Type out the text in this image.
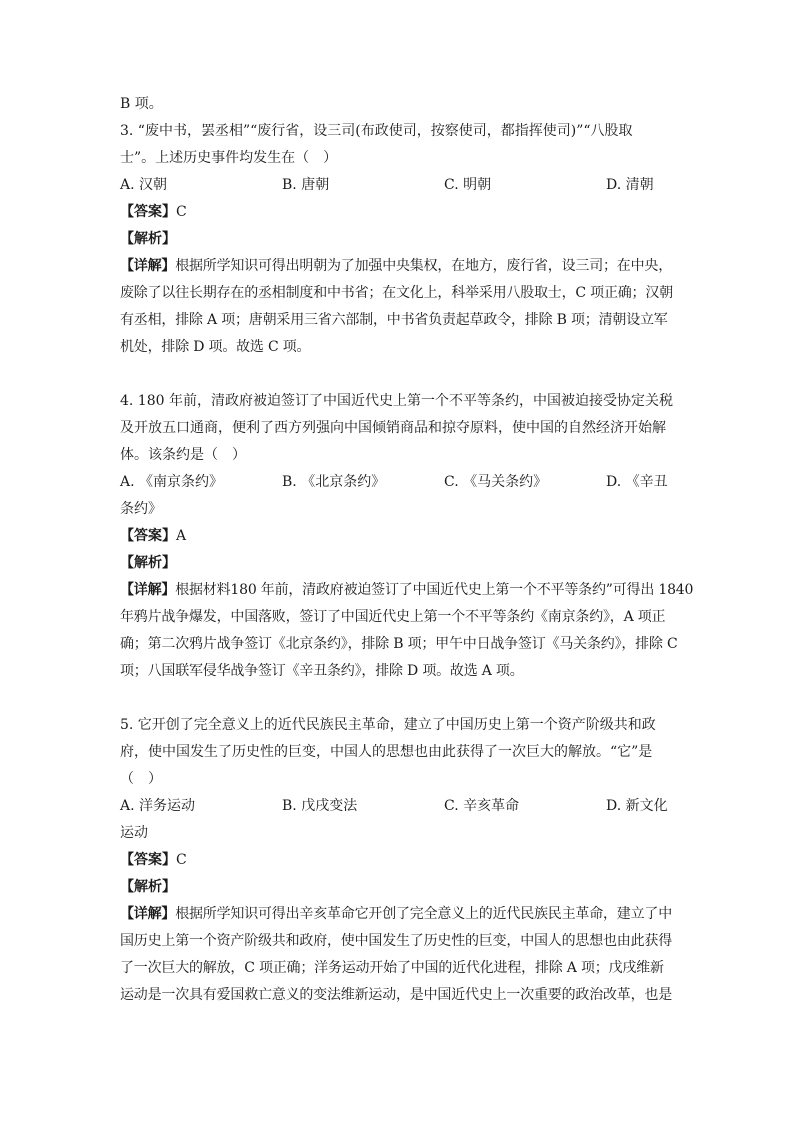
B 项。
3. “废中书，罢丞相”“废行省，设三司(布政使司，按察使司，都指挥使司)”“八股取
士”。上述历史事件均发生在（　）
A. 汉朝	B. 唐朝	C. 明朝	D. 清朝
【答案】C
【解析】
【详解】根据所学知识可得出明朝为了加强中央集权，在地方，废行省，设三司；在中央，
废除了以往长期存在的丞相制度和中书省；在文化上，科举采用八股取士，C 项正确；汉朝
有丞相，排除 A 项；唐朝采用三省六部制，中书省负责起草政令，排除 B 项；清朝设立军
机处，排除 D 项。故选 C 项。
4. 180 年前，清政府被迫签订了中国近代史上第一个不平等条约，中国被迫接受协定关税
及开放五口通商，便利了西方列强向中国倾销商品和掠夺原料，使中国的自然经济开始解
体。该条约是（　）
A. 《南京条约》	B. 《北京条约》	C. 《马关条约》	D. 《辛丑
条约》
【答案】A
【解析】
【详解】根据材料180 年前，清政府被迫签订了中国近代史上第一个不平等条约”可得出 1840
年鸦片战争爆发，中国落败，签订了中国近代史上第一个不平等条约《南京条约》，A 项正
确；第二次鸦片战争签订《北京条约》，排除 B 项；甲午中日战争签订《马关条约》，排除 C
项；八国联军侵华战争签订《辛丑条约》，排除 D 项。故选 A 项。
5. 它开创了完全意义上的近代民族民主革命，建立了中国历史上第一个资产阶级共和政
府，使中国发生了历史性的巨变，中国人的思想也由此获得了一次巨大的解放。“它”是
（　）
A. 洋务运动	B. 戊戌变法	C. 辛亥革命	D. 新文化
运动
【答案】C
【解析】
【详解】根据所学知识可得出辛亥革命它开创了完全意义上的近代民族民主革命，建立了中
国历史上第一个资产阶级共和政府，使中国发生了历史性的巨变，中国人的思想也由此获得
了一次巨大的解放，C 项正确；洋务运动开始了中国的近代化进程，排除 A 项；戊戌维新
运动是一次具有爱国救亡意义的变法维新运动，是中国近代史上一次重要的政治改革，也是
